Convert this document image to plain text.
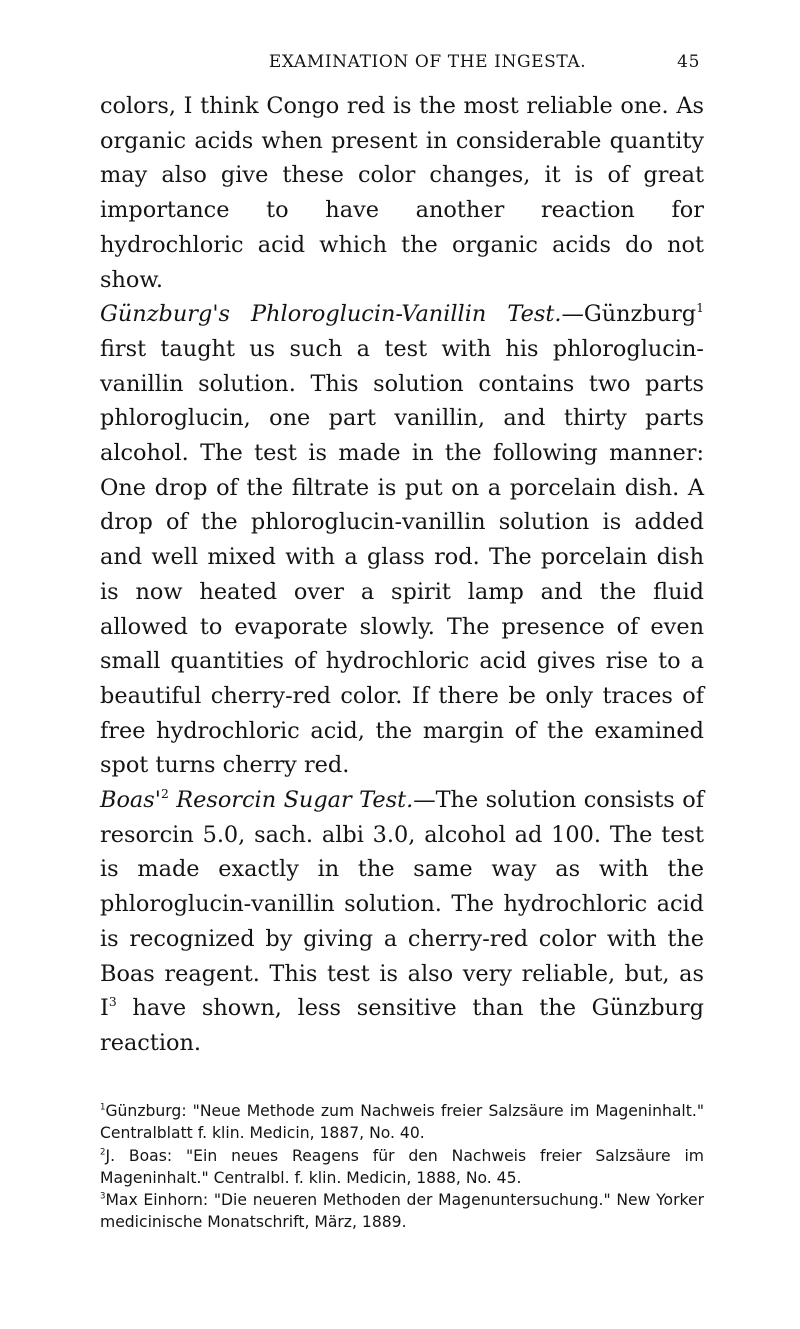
EXAMINATION OF THE INGESTA.	45

colors, I think Congo red is the most reliable one. As organic acids when present in considerable quantity may also give these color changes, it is of great importance to have another reaction for hydrochloric acid which the organic acids do not show.

Günzburg's Phloroglucin-Vanillin Test.—Günzburg$^1$ first taught us such a test with his phloroglucin-vanillin solution. This solution contains two parts phloroglucin, one part vanillin, and thirty parts alcohol. The test is made in the following manner: One drop of the filtrate is put on a porcelain dish. A drop of the phloroglucin-vanillin solution is added and well mixed with a glass rod. The porcelain dish is now heated over a spirit lamp and the fluid allowed to evaporate slowly. The presence of even small quantities of hydrochloric acid gives rise to a beautiful cherry-red color. If there be only traces of free hydrochloric acid, the margin of the examined spot turns cherry red.

$Boas'^2$ Resorcin Sugar Test.—The solution consists of resorcin 5.0, sach. albi 3.0, alcohol ad 100. The test is made exactly in the same way as with the phloroglucin-vanillin solution. The hydrochloric acid is recognized by giving a cherry-red color with the Boas reagent. This test is also very reliable, but, as $I^3$ have shown, less sensitive than the Günzburg reaction.

$^1$Günzburg: "Neue Methode zum Nachweis freier Salzsäure im Mageninhalt." Centralblatt f. klin. Medicin, 1887, No. 40.

$^2$J. Boas: "Ein neues Reagens für den Nachweis freier Salzsäure im Mageninhalt." Centralbl. f. klin. Medicin, 1888, No. 45.

$^3$Max Einhorn: "Die neueren Methoden der Magenuntersuchung." New Yorker medicinische Monatschrift, März, 1889.
